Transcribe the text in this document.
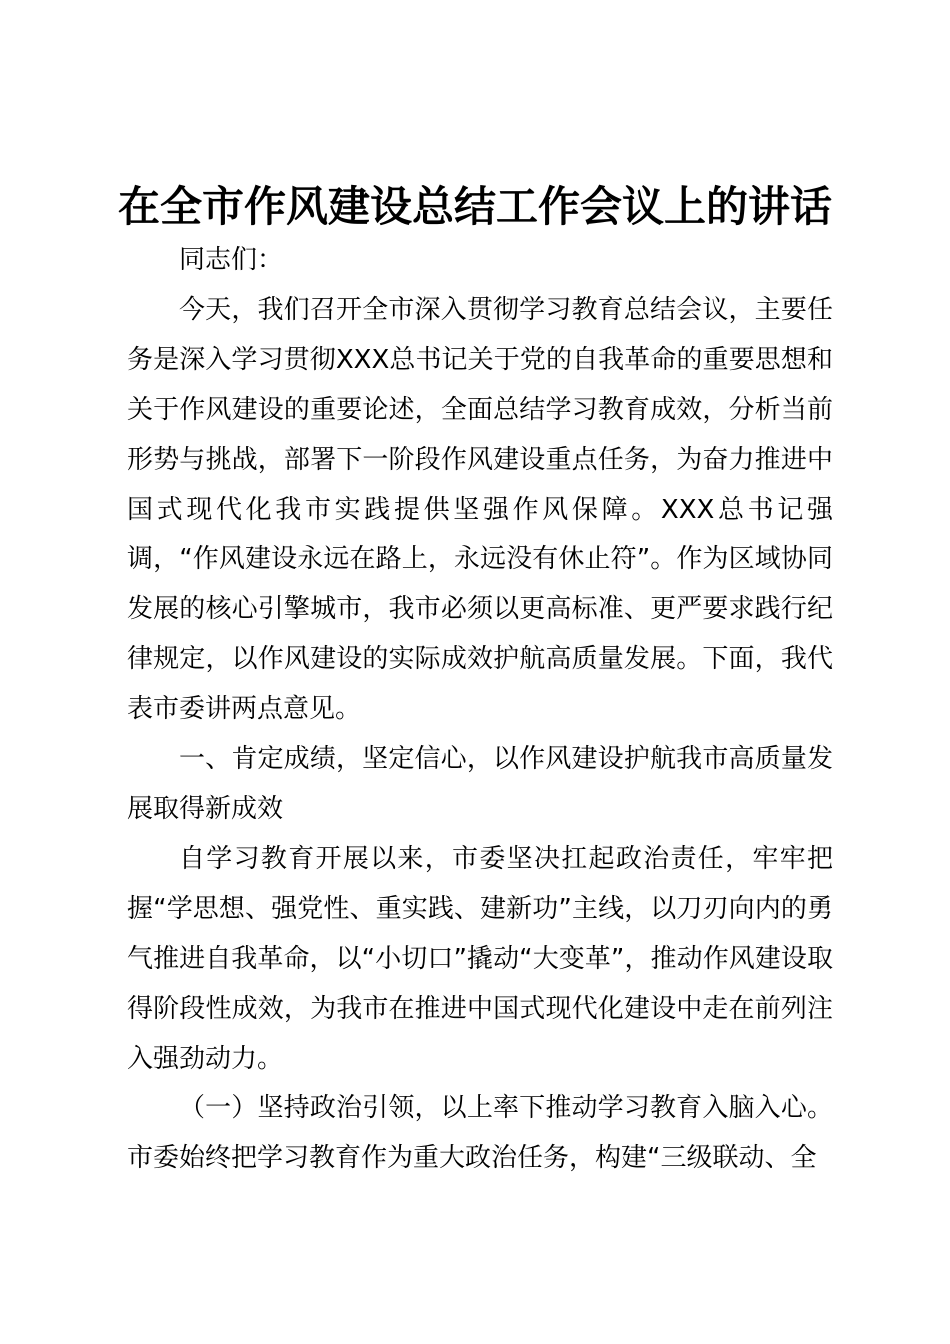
在全市作风建设总结工作会议上的讲话

同志们：

今天，我们召开全市深入贯彻学习教育总结会议，主要任务是深入学习贯彻XXX总书记关于党的自我革命的重要思想和关于作风建设的重要论述，全面总结学习教育成效，分析当前形势与挑战，部署下一阶段作风建设重点任务，为奋力推进中国式现代化我市实践提供坚强作风保障。XXX总书记强调，“作风建设永远在路上，永远没有休止符”。作为区域协同发展的核心引擎城市，我市必须以更高标准、更严要求践行纪律规定，以作风建设的实际成效护航高质量发展。下面，我代表市委讲两点意见。

一、肯定成绩，坚定信心，以作风建设护航我市高质量发展取得新成效

自学习教育开展以来，市委坚决扛起政治责任，牢牢把握“学思想、强党性、重实践、建新功”主线，以刀刃向内的勇气推进自我革命，以“小切口”撬动“大变革”，推动作风建设取得阶段性成效，为我市在推进中国式现代化建设中走在前列注入强劲动力。

（一）坚持政治引领，以上率下推动学习教育入脑入心。市委始终把学习教育作为重大政治任务，构建“三级联动、全
